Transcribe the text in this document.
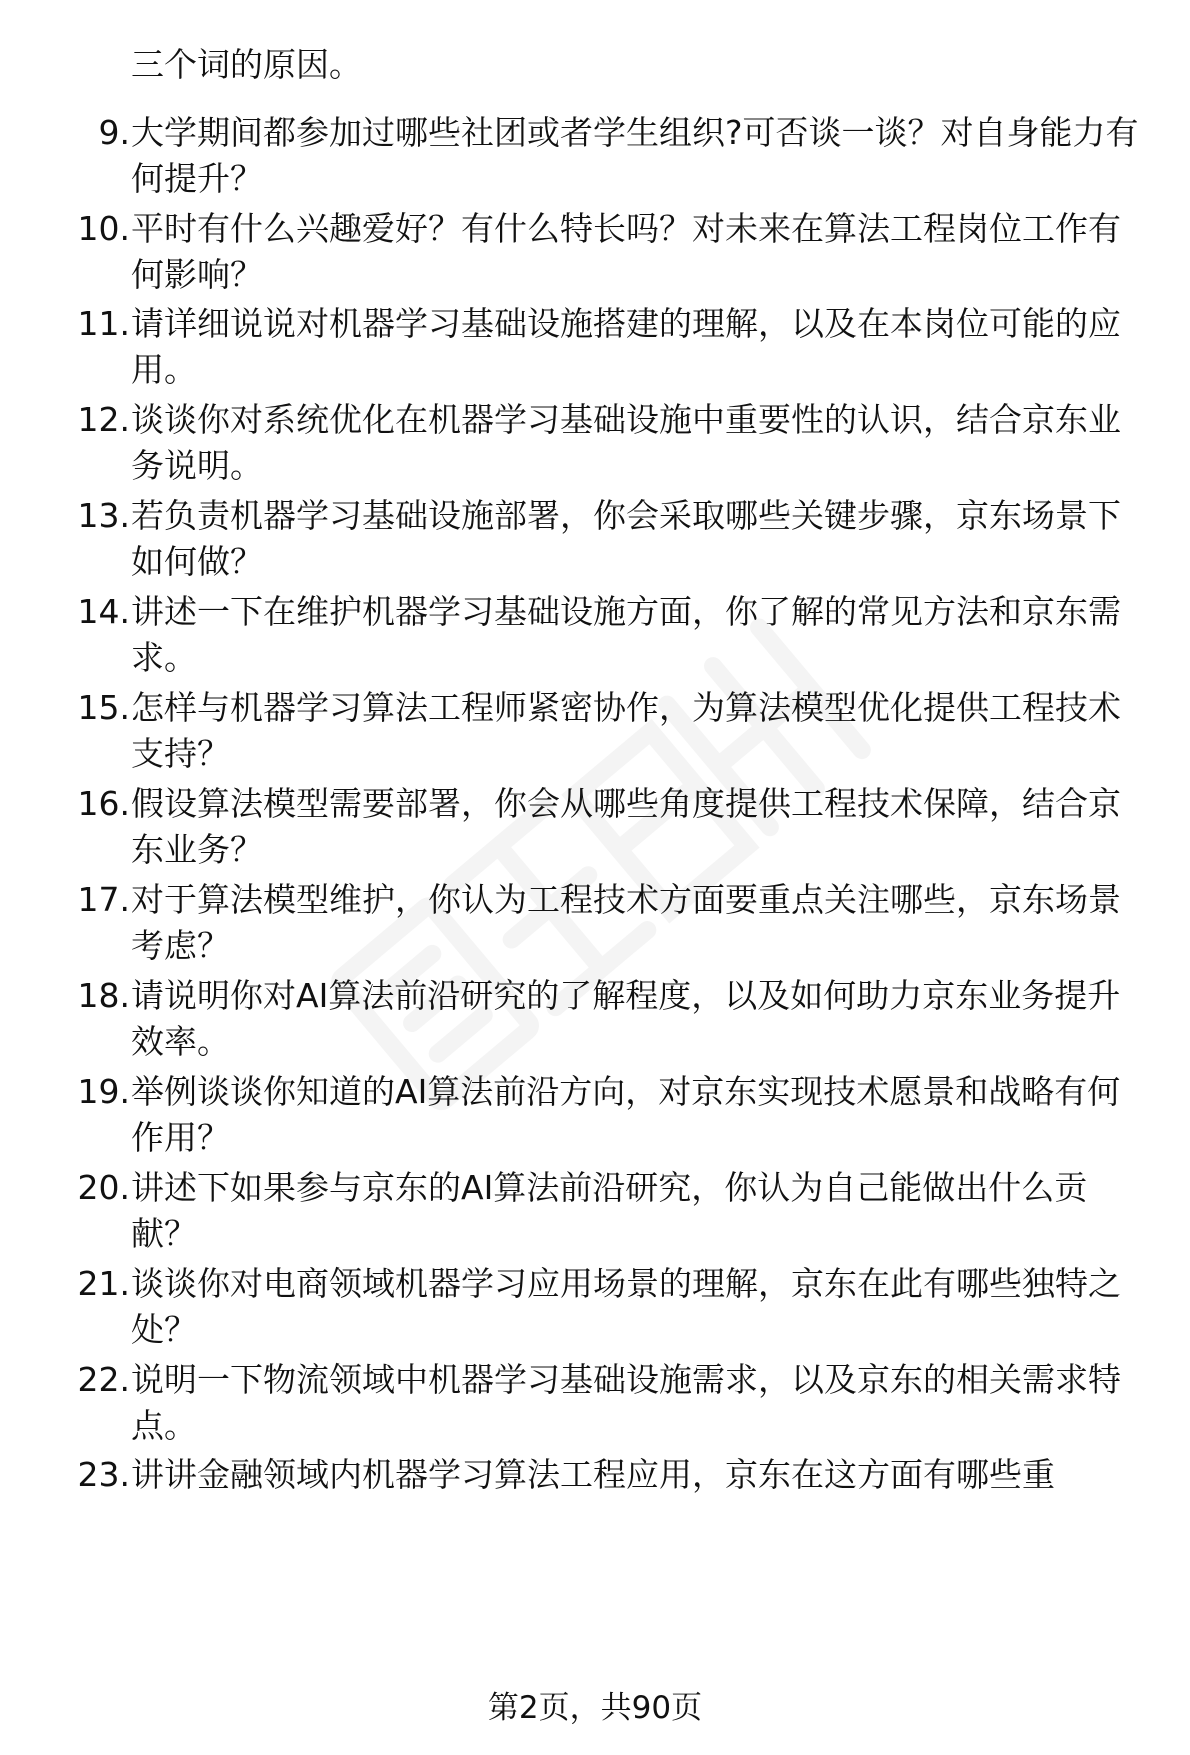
三个词的原因。
9. 大学期间都参加过哪些社团或者学生组织?可否谈一谈？对自身能力有何提升？
10. 平时有什么兴趣爱好？有什么特长吗？对未来在算法工程岗位工作有何影响？
11. 请详细说说对机器学习基础设施搭建的理解，以及在本岗位可能的应用。
12. 谈谈你对系统优化在机器学习基础设施中重要性的认识，结合京东业务说明。
13. 若负责机器学习基础设施部署，你会采取哪些关键步骤，京东场景下如何做？
14. 讲述一下在维护机器学习基础设施方面，你了解的常见方法和京东需求。
15. 怎样与机器学习算法工程师紧密协作，为算法模型优化提供工程技术支持？
16. 假设算法模型需要部署，你会从哪些角度提供工程技术保障，结合京东业务？
17. 对于算法模型维护，你认为工程技术方面要重点关注哪些，京东场景考虑？
18. 请说明你对AI算法前沿研究的了解程度，以及如何助力京东业务提升效率。
19. 举例谈谈你知道的AI算法前沿方向，对京东实现技术愿景和战略有何作用？
20. 讲述下如果参与京东的AI算法前沿研究，你认为自己能做出什么贡献？
21. 谈谈你对电商领域机器学习应用场景的理解，京东在此有哪些独特之处？
22. 说明一下物流领域中机器学习基础设施需求，以及京东的相关需求特点。
23. 讲讲金融领域内机器学习算法工程应用，京东在这方面有哪些重
第2页，共90页
